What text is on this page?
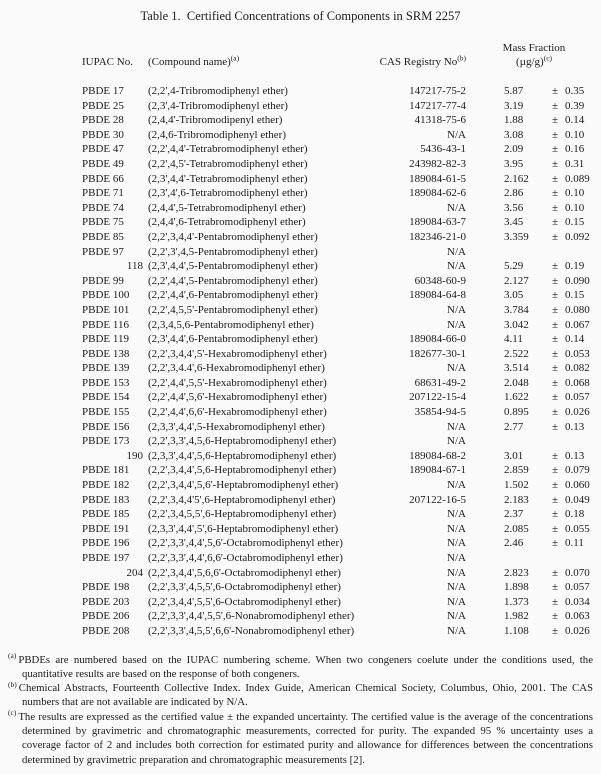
Table 1.  Certified Concentrations of Components in SRM 2257
IUPAC No.	(Compound name)$^{(a)}$	CAS Registry No$^{(b)}$
Mass Fraction
(µg/g)$^{(c)}$
PBDE 17	(2,2',4-Tribromodiphenyl ether)	147217-75-2	5.87	± 0.35
PBDE 25	(2,3',4-Tribromodiphenyl ether)	147217-77-4	3.19	± 0.39
PBDE 28	(2,4,4'-Tribromodipenyl ether)	41318-75-6	1.88	± 0.14
PBDE 30	(2,4,6-Tribromodiphenyl ether)	N/A	3.08	± 0.10
PBDE 47	(2,2',4,4'-Tetrabromodiphenyl ether)	5436-43-1	2.09	± 0.16
PBDE 49	(2,2',4,5'-Tetrabromodiphenyl ether)	243982-82-3	3.95	± 0.31
PBDE 66	(2,3',4,4'-Tetrabromodiphenyl ether)	189084-61-5	2.162	± 0.089
PBDE 71	(2,3',4',6-Tetrabromodiphenyl ether)	189084-62-6	2.86	± 0.10
PBDE 74	(2,4,4',5-Tetrabromodiphenyl ether)	N/A	3.56	± 0.10
PBDE 75	(2,4,4',6-Tetrabromodiphenyl ether)	189084-63-7	3.45	± 0.15
PBDE 85	(2,2',3,4,4'-Pentabromodiphenyl ether)	182346-21-0	3.359	± 0.092
PBDE 97	(2,2',3',4,5-Pentabromodiphenyl ether)	N/A
118 (2,3',4,4',5-Pentabromodiphenyl ether)	N/A	5.29	± 0.19
PBDE 99	(2,2',4,4',5-Pentabromodiphenyl ether)	60348-60-9	2.127	± 0.090
PBDE 100	(2,2',4,4',6-Pentabromodiphenyl ether)	189084-64-8	3.05	± 0.15
PBDE 101	(2,2',4,5,5'-Pentabromodiphenyl ether)	N/A	3.784	± 0.080
PBDE 116	(2,3,4,5,6-Pentabromodiphenyl ether)	N/A	3.042	± 0.067
PBDE 119	(2,3',4,4',6-Pentabromodiphenyl ether)	189084-66-0	4.11	± 0.14
PBDE 138	(2,2',3,4,4',5'-Hexabromodiphenyl ether)	182677-30-1	2.522	± 0.053
PBDE 139	(2,2',3,4.4',6-Hexabromodiphenyl ether)	N/A	3.514	± 0.082
PBDE 153	(2,2',4,4',5,5'-Hexabromodiphenyl ether)	68631-49-2	2.048	± 0.068
PBDE 154	(2,2',4,4',5,6'-Hexabromodiphenyl ether)	207122-15-4	1.622	± 0.057
PBDE 155	(2,2',4,4',6,6'-Hexabromodiphenyl ether)	35854-94-5	0.895	± 0.026
PBDE 156	(2,3,3',4,4',5-Hexabromodiphenyl ether)	N/A	2.77	± 0.13
PBDE 173	(2,2',3,3',4,5,6-Heptabromodiphenyl ether)	N/A
190 (2,3,3',4,4',5,6-Heptabromodiphenyl ether)	189084-68-2	3.01	± 0.13
PBDE 181	(2,2',3,4,4',5,6-Heptabromodiphenyl ether)	189084-67-1	2.859	± 0.079
PBDE 182	(2,2',3,4,4',5,6'-Heptabromodiphenyl ether)	N/A	1.502	± 0.060
PBDE 183	(2,2',3,4,4'5',6-Heptabromodiphenyl ether)	207122-16-5	2.183	± 0.049
PBDE 185	(2,2',3,4,5,5',6-Heptabromodiphenyl ether)	N/A	2.37	± 0.18
PBDE 191	(2,3,3',4,4',5',6-Heptabromodiphenyl ether)	N/A	2.085	± 0.055
PBDE 196	(2,2',3,3',4,4',5,6'-Octabromodiphenyl ether)	N/A	2.46	± 0.11
PBDE 197	(2,2',3,3',4,4',6,6'-Octabromodiphenyl ether)	N/A
204 (2,2',3,4,4',5,6,6'-Octabromodiphenyl ether)	N/A	2.823	± 0.070
PBDE 198	(2,2',3,3',4,5,5',6-Octabromodiphenyl ether)	N/A	1.898	± 0.057
PBDE 203	(2,2',3,4,4',5,5',6-Octabromodiphenyl ether)	N/A	1.373	± 0.034
PBDE 206	(2,2',3,3',4,4',5,5',6-Nonabromodiphenyl ether)	N/A	1.982	± 0.063
PBDE 208	(2,2',3,3',4,5,5',6,6'-Nonabromodiphenyl ether)	N/A	1.108	± 0.026
$^{(a)}$ PBDEs are numbered based on the IUPAC numbering scheme. When two congeners coelute under the conditions used, the quantitative results are based on the response of both congeners.
$^{(b)}$ Chemical Abstracts, Fourteenth Collective Index. Index Guide, American Chemical Society, Columbus, Ohio, 2001. The CAS numbers that are not available are indicated by N/A.
$^{(c)}$ The results are expressed as the certified value ± the expanded uncertainty. The certified value is the average of the concentrations determined by gravimetric and chromatographic measurements, corrected for purity. The expanded 95 % uncertainty uses a coverage factor of 2 and includes both correction for estimated purity and allowance for differences between the concentrations determined by gravimetric preparation and chromatographic measurements [2].
